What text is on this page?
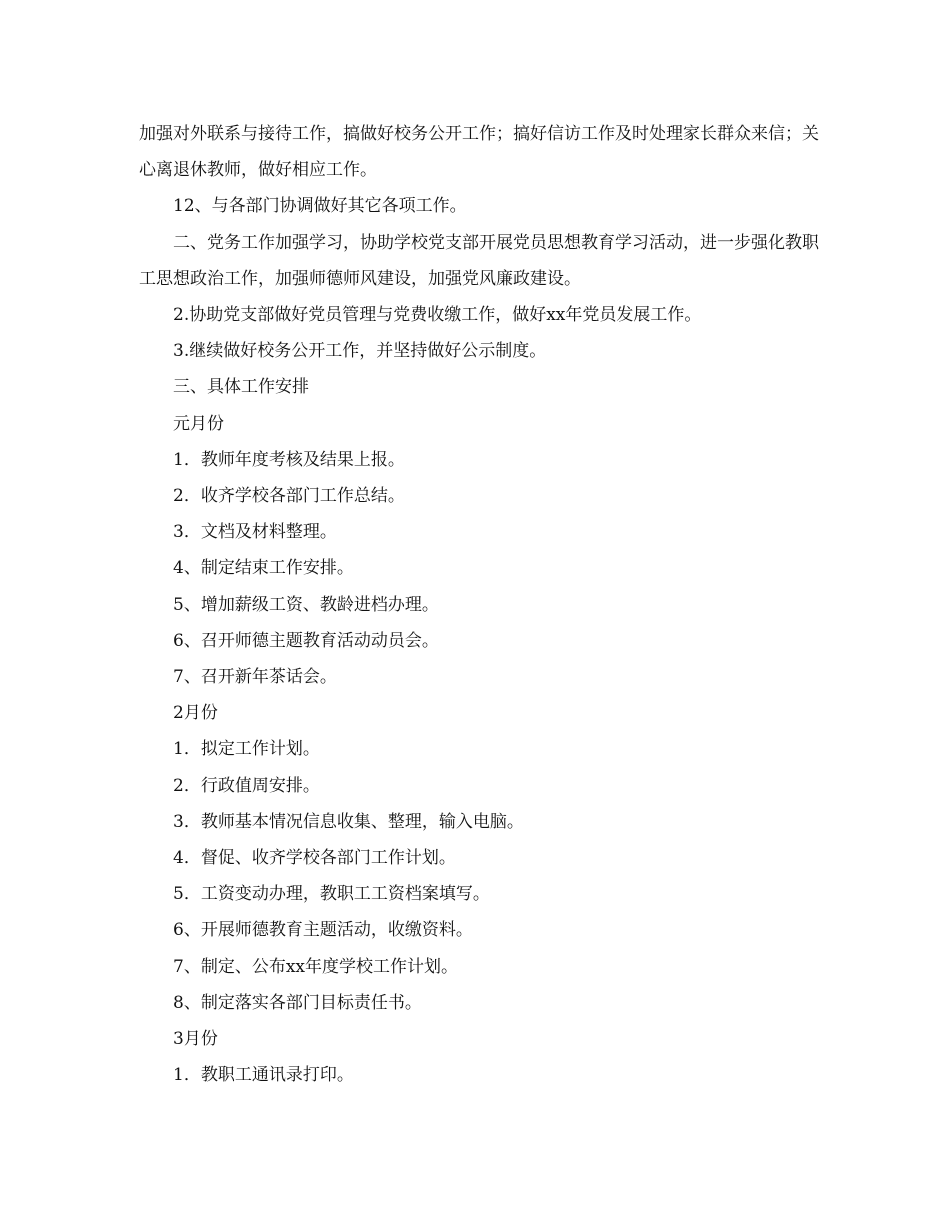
加强对外联系与接待工作，搞做好校务公开工作；搞好信访工作及时处理家长群众来信；关心离退休教师，做好相应工作。

12、与各部门协调做好其它各项工作。

二、党务工作加强学习，协助学校党支部开展党员思想教育学习活动，进一步强化教职工思想政治工作，加强师德师风建设，加强党风廉政建设。

2.协助党支部做好党员管理与党费收缴工作，做好xx年党员发展工作。

3.继续做好校务公开工作，并坚持做好公示制度。

三、具体工作安排

元月份

1．教师年度考核及结果上报。

2．收齐学校各部门工作总结。

3．文档及材料整理。

4、制定结束工作安排。

5、增加薪级工资、教龄进档办理。

6、召开师德主题教育活动动员会。

7、召开新年茶话会。

2月份

1．拟定工作计划。

2．行政值周安排。

3．教师基本情况信息收集、整理，输入电脑。

4．督促、收齐学校各部门工作计划。

5．工资变动办理，教职工工资档案填写。

6、开展师德教育主题活动，收缴资料。

7、制定、公布xx年度学校工作计划。

8、制定落实各部门目标责任书。

3月份

1．教职工通讯录打印。
